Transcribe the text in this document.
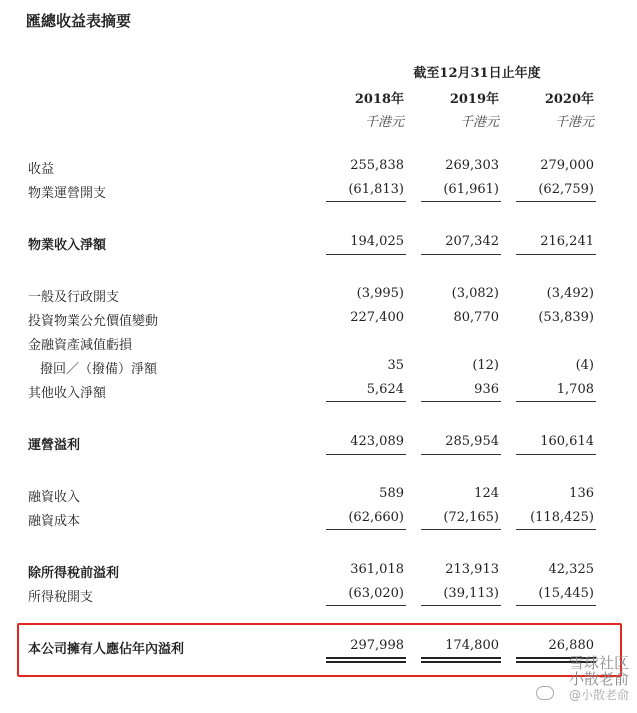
匯總收益表摘要
截至12月31日止年度
2018年	2019年	2020年
千港元	千港元	千港元
收益	255,838	269,303	279,000
物業運營開支	(61,813)	(61,961)	(62,759)
物業收入淨額	194,025	207,342	216,241
一般及行政開支	(3,995)	(3,082)	(3,492)
投資物業公允價值變動	227,400	80,770	(53,839)
金融資產減值虧損
撥回／（撥備）淨額	35	(12)	(4)
其他收入淨額	5,624	936	1,708
運營溢利	423,089	285,954	160,614
融資收入	589	124	136
融資成本	(62,660)	(72,165)	(118,425)
除所得稅前溢利	361,018	213,913	42,325
所得稅開支	(63,020)	(39,113)	(15,445)
本公司擁有人應佔年內溢利	297,998	174,800	26,880
雪球社区
小散老俞
@小散老俞
